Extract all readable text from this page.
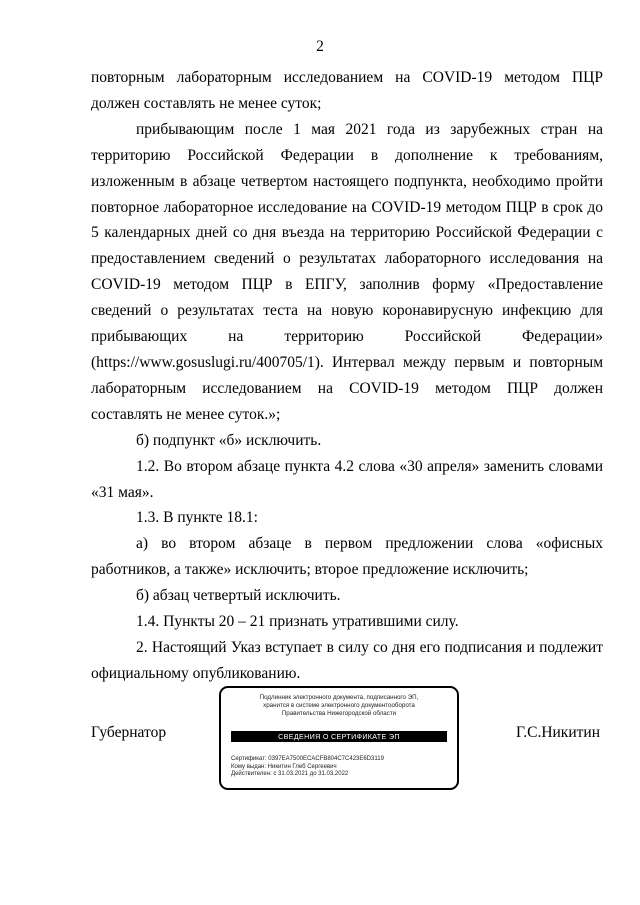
2

повторным лабораторным исследованием на COVID-19 методом ПЦР должен составлять не менее суток;

прибывающим после 1 мая 2021 года из зарубежных стран на территорию Российской Федерации в дополнение к требованиям, изложенным в абзаце четвертом настоящего подпункта, необходимо пройти повторное лабораторное исследование на COVID-19 методом ПЦР в срок до 5 календарных дней со дня въезда на территорию Российской Федерации с предоставлением сведений о результатах лабораторного исследования на COVID-19 методом ПЦР в ЕПГУ, заполнив форму «Предоставление сведений о результатах теста на новую коронавирусную инфекцию для прибывающих на территорию Российской Федерации» (https://www.gosuslugi.ru/400705/1). Интервал между первым и повторным лабораторным исследованием на COVID-19 методом ПЦР должен составлять не менее суток.»;

б) подпункт «б» исключить.

1.2. Во втором абзаце пункта 4.2 слова «30 апреля» заменить словами «31 мая».

1.3. В пункте 18.1:

а) во втором абзаце в первом предложении слова «офисных работников, а также» исключить; второе предложение исключить;

б) абзац четвертый исключить.

1.4. Пункты 20 – 21 признать утратившими силу.

2. Настоящий Указ вступает в силу со дня его подписания и подлежит официальному опубликованию.

Губернатор
Подлинник электронного документа, подписанного ЭП,
хранится в системе электронного документооборота
Правительства Нижегородской области
СВЕДЕНИЯ О СЕРТИФИКАТЕ ЭП
Сертификат: 0397EA7500ECACFB804C7C423E6D3119
Кому выдан: Никитин Глеб Сергеевич
Действителен: с 31.03.2021 до 31.03.2022
Г.С.Никитин
